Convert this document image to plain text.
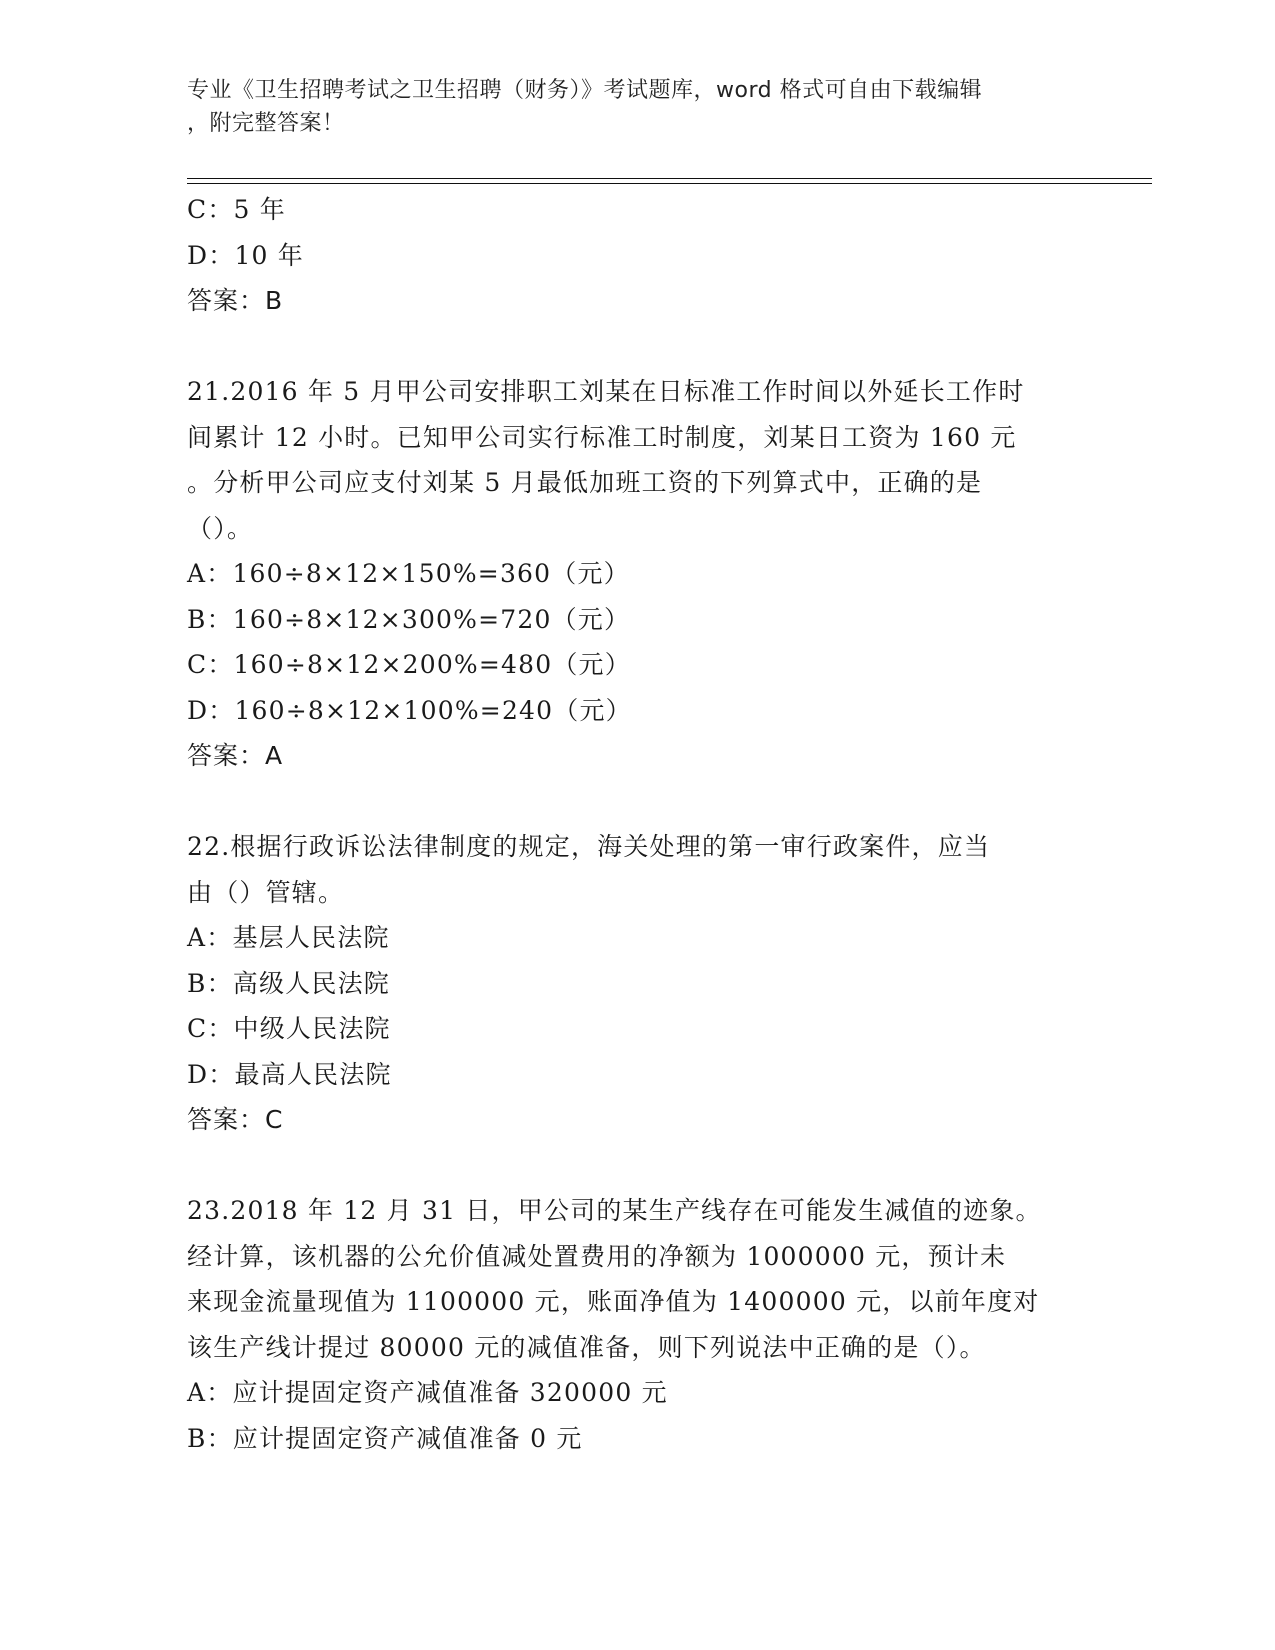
专业《卫生招聘考试之卫生招聘（财务）》考试题库，word 格式可自由下载编辑
，附完整答案！
C：5 年
D：10 年
答案：B
21.2016 年 5 月甲公司安排职工刘某在日标准工作时间以外延长工作时
间累计 12 小时。已知甲公司实行标准工时制度，刘某日工资为 160 元
。分析甲公司应支付刘某 5 月最低加班工资的下列算式中，正确的是
（）。
A：160÷8×12×150%=360（元）
B：160÷8×12×300%=720（元）
C：160÷8×12×200%=480（元）
D：160÷8×12×100%=240（元）
答案：A
22.根据行政诉讼法律制度的规定，海关处理的第一审行政案件，应当
由（）管辖。
A：基层人民法院
B：高级人民法院
C：中级人民法院
D：最高人民法院
答案：C
23.2018 年 12 月 31 日，甲公司的某生产线存在可能发生减值的迹象。
经计算，该机器的公允价值减处置费用的净额为 1000000 元，预计未
来现金流量现值为 1100000 元，账面净值为 1400000 元，以前年度对
该生产线计提过 80000 元的减值准备，则下列说法中正确的是（）。
A：应计提固定资产减值准备 320000 元
B：应计提固定资产减值准备 0 元
